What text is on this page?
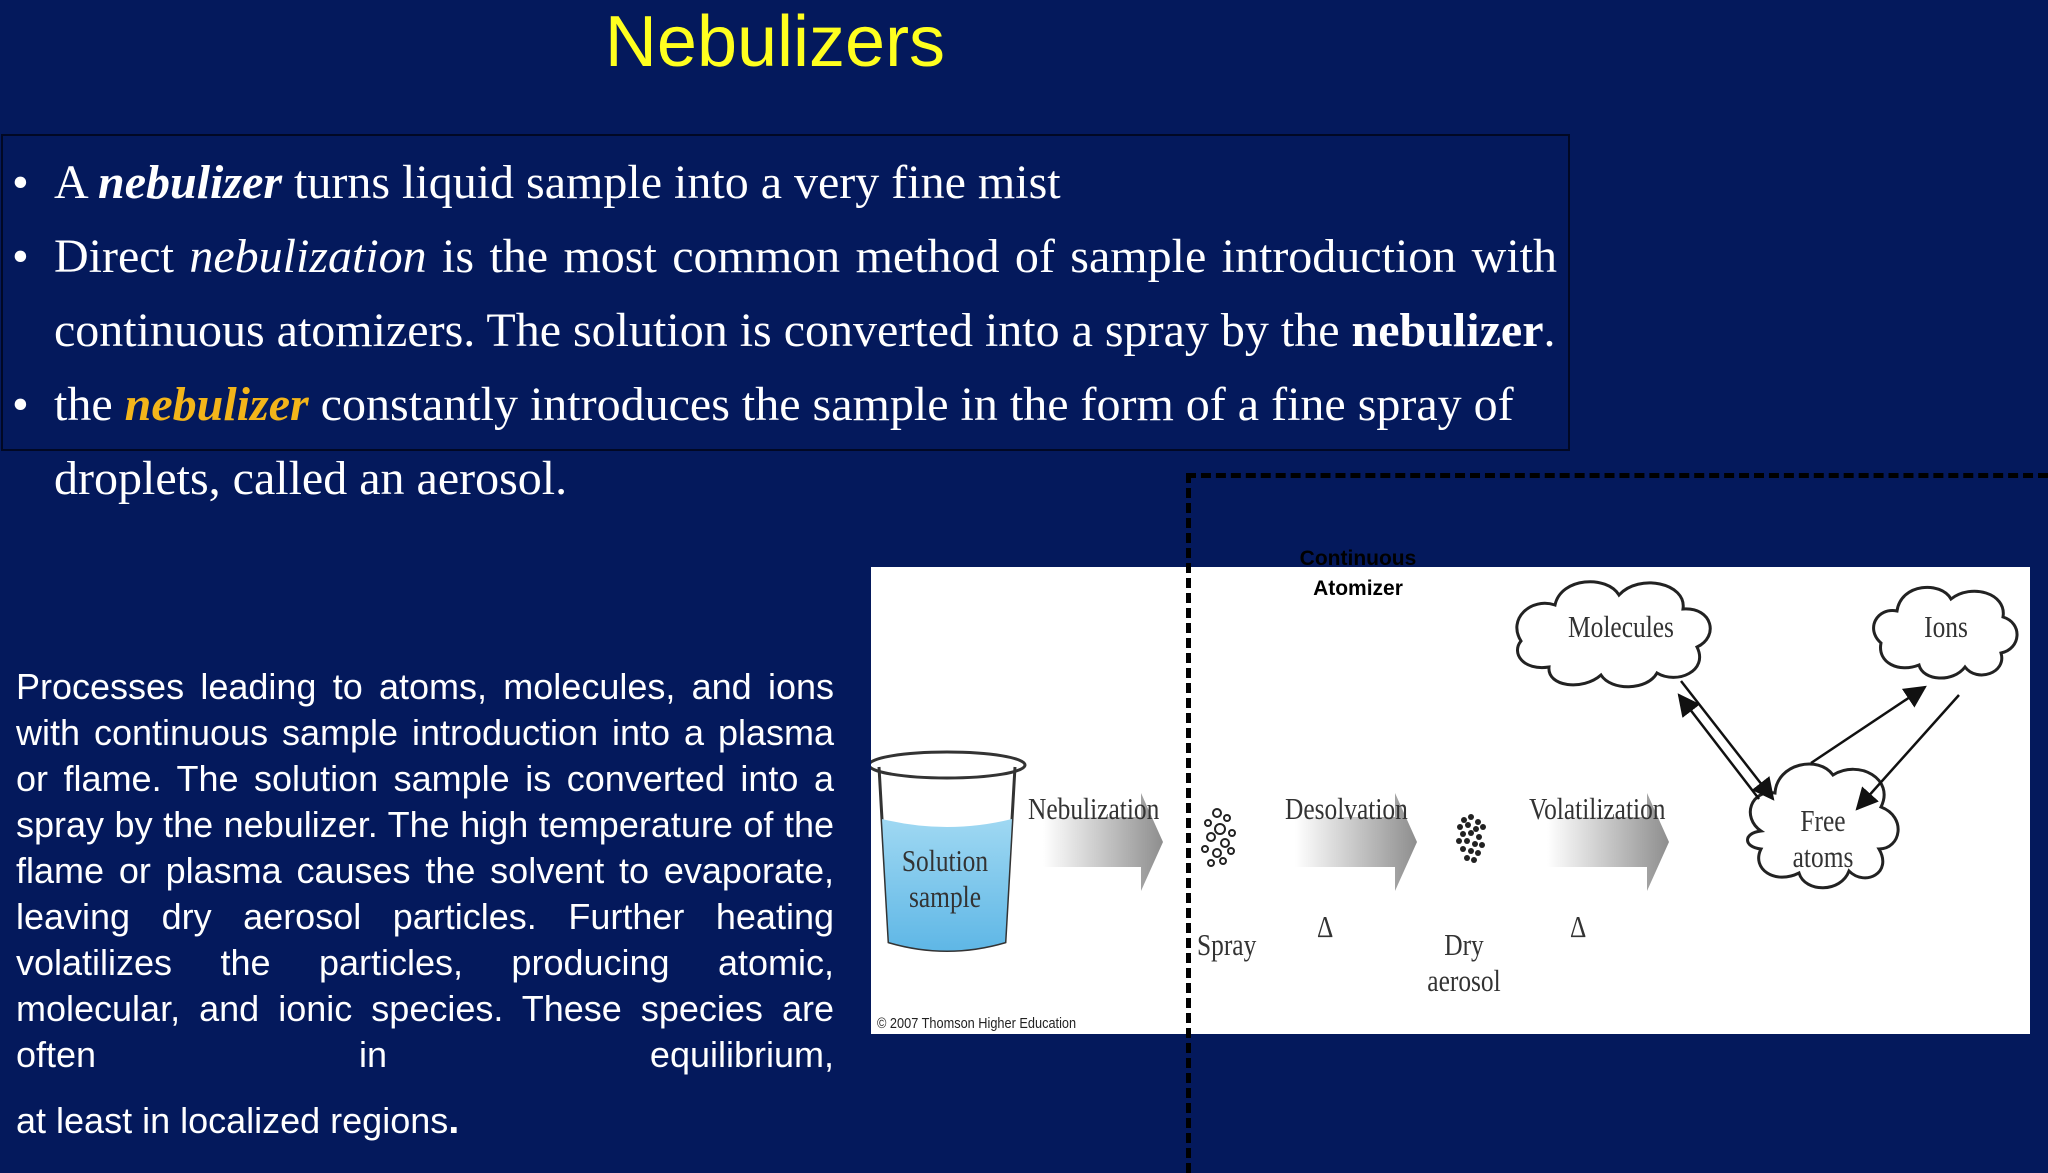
Nebulizers
• A nebulizer turns liquid sample into a very fine mist
• Direct nebulization is the most common method of sample introduction with continuous atomizers. The solution is converted into a spray by the nebulizer.
• the nebulizer constantly introduces the sample in the form of a fine spray of droplets, called an aerosol.
Processes leading to atoms, molecules, and ions with continuous sample introduction into a plasma or flame. The solution sample is converted into a spray by the nebulizer. The high temperature of the flame or plasma causes the solvent to evaporate, leaving dry aerosol particles. Further heating volatilizes the particles, producing atomic, molecular, and ionic species. These species are often in equilibrium,
at least in localized regions.
Solution
sample
Nebulization
Spray
Desolvation
Δ
Dry
aerosol
Volatilization
Δ
Molecules	Ions
Free
atoms
© 2007 Thomson Higher Education
Continuous
Atomizer
